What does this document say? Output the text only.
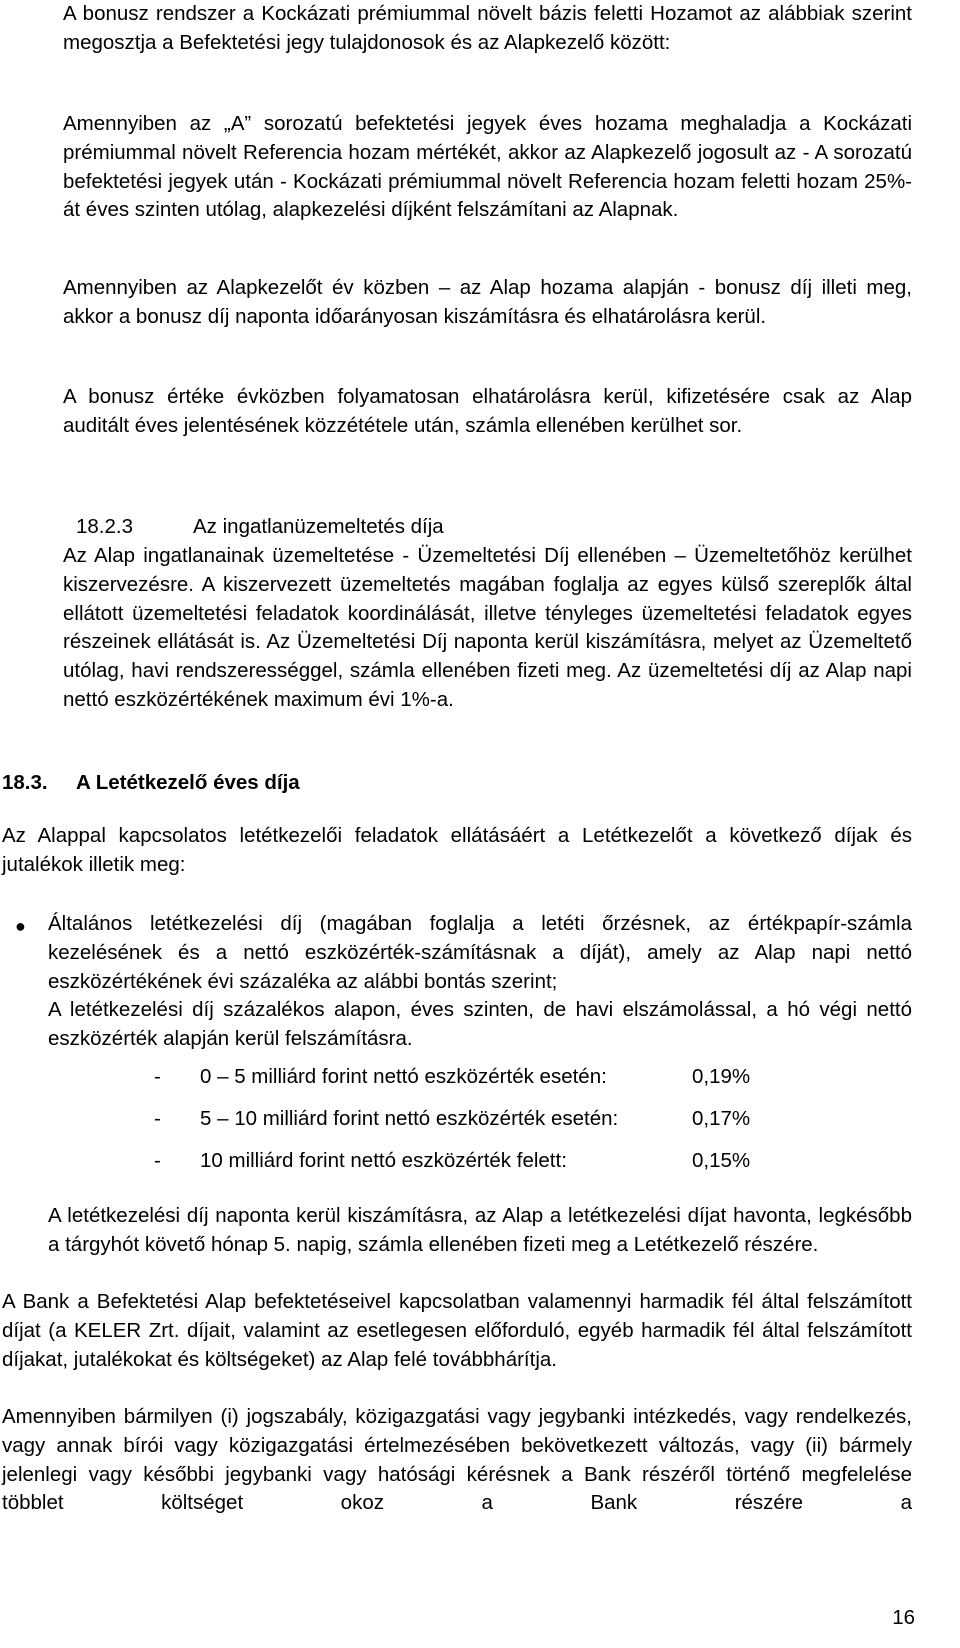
A bonusz rendszer a Kockázati prémiummal növelt bázis feletti Hozamot az alábbiak szerint megosztja a Befektetési jegy tulajdonosok és az Alapkezelő között:
Amennyiben az „A” sorozatú befektetési jegyek éves hozama meghaladja a Kockázati prémiummal növelt Referencia hozam mértékét, akkor az Alapkezelő jogosult az - A sorozatú befektetési jegyek után - Kockázati prémiummal növelt Referencia hozam feletti hozam 25%-át éves szinten utólag, alapkezelési díjként felszámítani az Alapnak.
Amennyiben az Alapkezelőt év közben – az Alap hozama alapján - bonusz díj illeti meg, akkor a bonusz díj naponta időarányosan kiszámításra és elhatárolásra kerül.
A bonusz értéke évközben folyamatosan elhatárolásra kerül, kifizetésére csak az Alap auditált éves jelentésének közzététele után, számla ellenében kerülhet sor.
18.2.3	Az ingatlanüzemeltetés díja
Az Alap ingatlanainak üzemeltetése - Üzemeltetési Díj ellenében – Üzemeltetőhöz kerülhet kiszervezésre. A kiszervezett üzemeltetés magában foglalja az egyes külső szereplők által ellátott üzemeltetési feladatok koordinálását, illetve tényleges üzemeltetési feladatok egyes részeinek ellátását is. Az Üzemeltetési Díj naponta kerül kiszámításra, melyet az Üzemeltető utólag, havi rendszerességgel, számla ellenében fizeti meg. Az üzemeltetési díj az Alap napi nettó eszközértékének maximum évi 1%-a.
18.3. A Letétkezelő éves díja
Az Alappal kapcsolatos letétkezelői feladatok ellátásáért a Letétkezelőt a következő díjak és jutalékok illetik meg:
● Általános letétkezelési díj (magában foglalja a letéti őrzésnek, az értékpapír-számla kezelésének és a nettó eszközérték-számításnak a díját), amely az Alap napi nettó eszközértékének évi százaléka az alábbi bontás szerint;
A letétkezelési díj százalékos alapon, éves szinten, de havi elszámolással, a hó végi nettó eszközérték alapján kerül felszámításra.
- 0 – 5 milliárd forint nettó eszközérték esetén:	0,19%
- 5 – 10 milliárd forint nettó eszközérték esetén:	0,17%
- 10 milliárd forint nettó eszközérték felett:	0,15%
A letétkezelési díj naponta kerül kiszámításra, az Alap a letétkezelési díjat havonta, legkésőbb a tárgyhót követő hónap 5. napig, számla ellenében fizeti meg a Letétkezelő részére.
A Bank a Befektetési Alap befektetéseivel kapcsolatban valamennyi harmadik fél által felszámított díjat (a KELER Zrt. díjait, valamint az esetlegesen előforduló, egyéb harmadik fél által felszámított díjakat, jutalékokat és költségeket) az Alap felé továbbhárítja.
Amennyiben bármilyen (i) jogszabály, közigazgatási vagy jegybanki intézkedés, vagy rendelkezés, vagy annak bírói vagy közigazgatási értelmezésében bekövetkezett változás, vagy (ii) bármely jelenlegi vagy későbbi jegybanki vagy hatósági kérésnek a Bank részéről történő megfelelése többlet költséget okoz a Bank részére a
16
